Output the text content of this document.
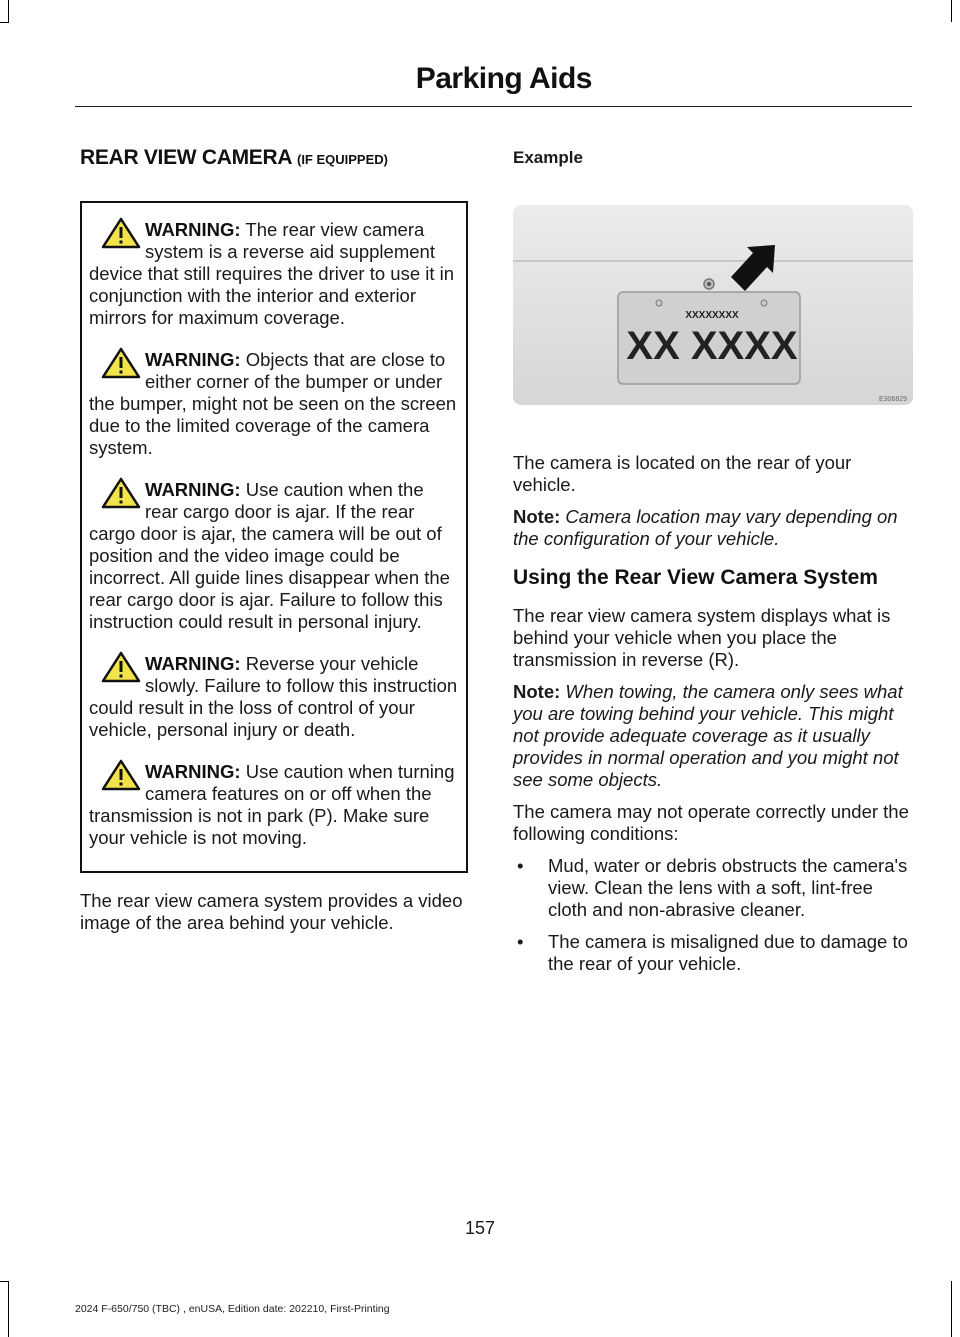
Parking Aids
REAR VIEW CAMERA (IF EQUIPPED)
WARNING: The rear view camera system is a reverse aid supplement device that still requires the driver to use it in conjunction with the interior and exterior mirrors for maximum coverage.
WARNING: Objects that are close to either corner of the bumper or under the bumper, might not be seen on the screen due to the limited coverage of the camera system.
WARNING: Use caution when the rear cargo door is ajar. If the rear cargo door is ajar, the camera will be out of position and the video image could be incorrect. All guide lines disappear when the rear cargo door is ajar. Failure to follow this instruction could result in personal injury.
WARNING: Reverse your vehicle slowly. Failure to follow this instruction could result in the loss of control of your vehicle, personal injury or death.
WARNING: Use caution when turning camera features on or off when the transmission is not in park (P). Make sure your vehicle is not moving.

The rear view camera system provides a video image of the area behind your vehicle.

Example
XXXXXXXX
XX XXXX
E306829

The camera is located on the rear of your vehicle.

Note: Camera location may vary depending on the configuration of your vehicle.

Using the Rear View Camera System

The rear view camera system displays what is behind your vehicle when you place the transmission in reverse (R).

Note: When towing, the camera only sees what you are towing behind your vehicle. This might not provide adequate coverage as it usually provides in normal operation and you might not see some objects.

The camera may not operate correctly under the following conditions:

• Mud, water or debris obstructs the camera's view. Clean the lens with a soft, lint-free cloth and non-abrasive cleaner.
• The camera is misaligned due to damage to the rear of your vehicle.
157
2024 F-650/750 (TBC) , enUSA, Edition date: 202210, First-Printing
